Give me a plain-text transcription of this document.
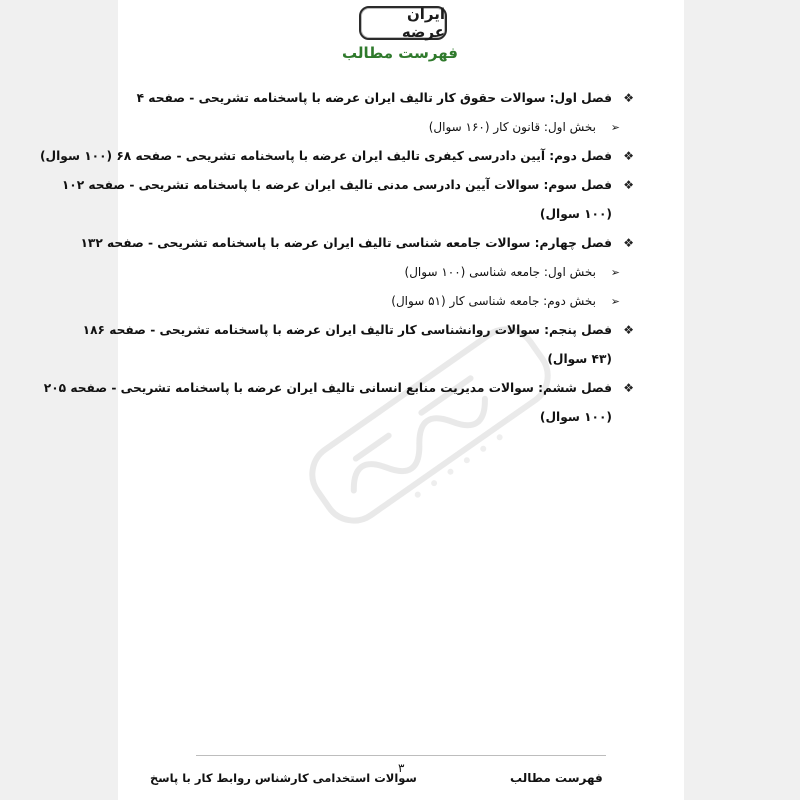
ایران عرضه
فهرست مطالب
❖
فصل اول: سوالات حقوق کار تالیف ایران عرضه با پاسخنامه تشریحی - صفحه ۴
➢
بخش اول: قانون کار (۱۶۰ سوال)
❖
فصل دوم: آیین دادرسی کیفری تالیف ایران عرضه با پاسخنامه تشریحی - صفحه ۶۸ (۱۰۰ سوال)
❖
فصل سوم: سوالات آیین دادرسی مدنی تالیف ایران عرضه با پاسخنامه تشریحی - صفحه ۱۰۲
(۱۰۰ سوال)
❖
فصل چهارم: سوالات جامعه شناسی تالیف ایران عرضه با پاسخنامه تشریحی - صفحه ۱۳۲
➢
بخش اول: جامعه شناسی (۱۰۰ سوال)
➢
بخش دوم: جامعه شناسی کار (۵۱ سوال)
❖
فصل پنجم: سوالات روانشناسی کار تالیف ایران عرضه با پاسخنامه تشریحی - صفحه ۱۸۶
(۴۳ سوال)
❖
فصل ششم: سوالات مدیریت منابع انسانی تالیف ایران عرضه با پاسخنامه تشریحی - صفحه ۲۰۵
(۱۰۰ سوال)
۳
فهرست مطالب
سوالات استخدامی کارشناس روابط کار با پاسخ
